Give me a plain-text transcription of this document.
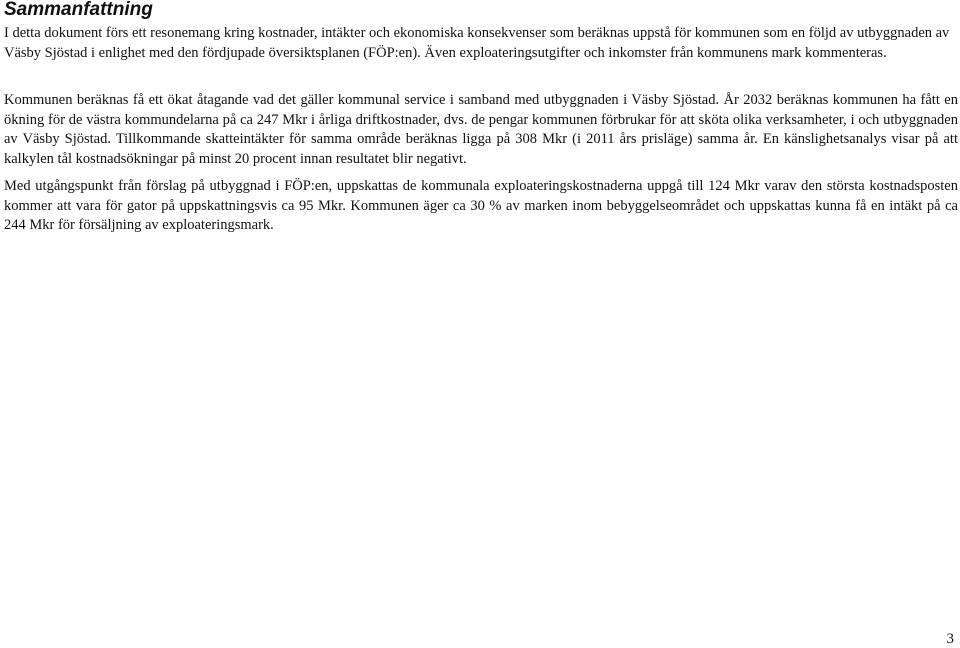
Sammanfattning

I detta dokument förs ett resonemang kring kostnader, intäkter och ekonomiska konsekvenser som beräknas uppstå för kommunen som en följd av utbyggnaden av Väsby Sjöstad i enlighet med den fördjupade översiktsplanen (FÖP:en). Även exploateringsutgifter och inkomster från kommunens mark kommenteras.

Kommunen beräknas få ett ökat åtagande vad det gäller kommunal service i samband med utbyggnaden i Väsby Sjöstad. År 2032 beräknas kommunen ha fått en ökning för de västra kommundelarna på ca 247 Mkr i årliga driftkostnader, dvs. de pengar kommunen förbrukar för att sköta olika verksamheter, i och utbyggnaden av Väsby Sjöstad. Tillkommande skatteintäkter för samma område beräknas ligga på 308 Mkr (i 2011 års prisläge) samma år. En känslighetsanalys visar på att kalkylen tål kostnadsökningar på minst 20 procent innan resultatet blir negativt.

Med utgångspunkt från förslag på utbyggnad i FÖP:en, uppskattas de kommunala exploateringskostnaderna uppgå till 124 Mkr varav den största kostnadsposten kommer att vara för gator på uppskattningsvis ca 95 Mkr. Kommunen äger ca 30 % av marken inom bebyggelseområdet och uppskattas kunna få en intäkt på ca 244 Mkr för försäljning av exploateringsmark.

3
